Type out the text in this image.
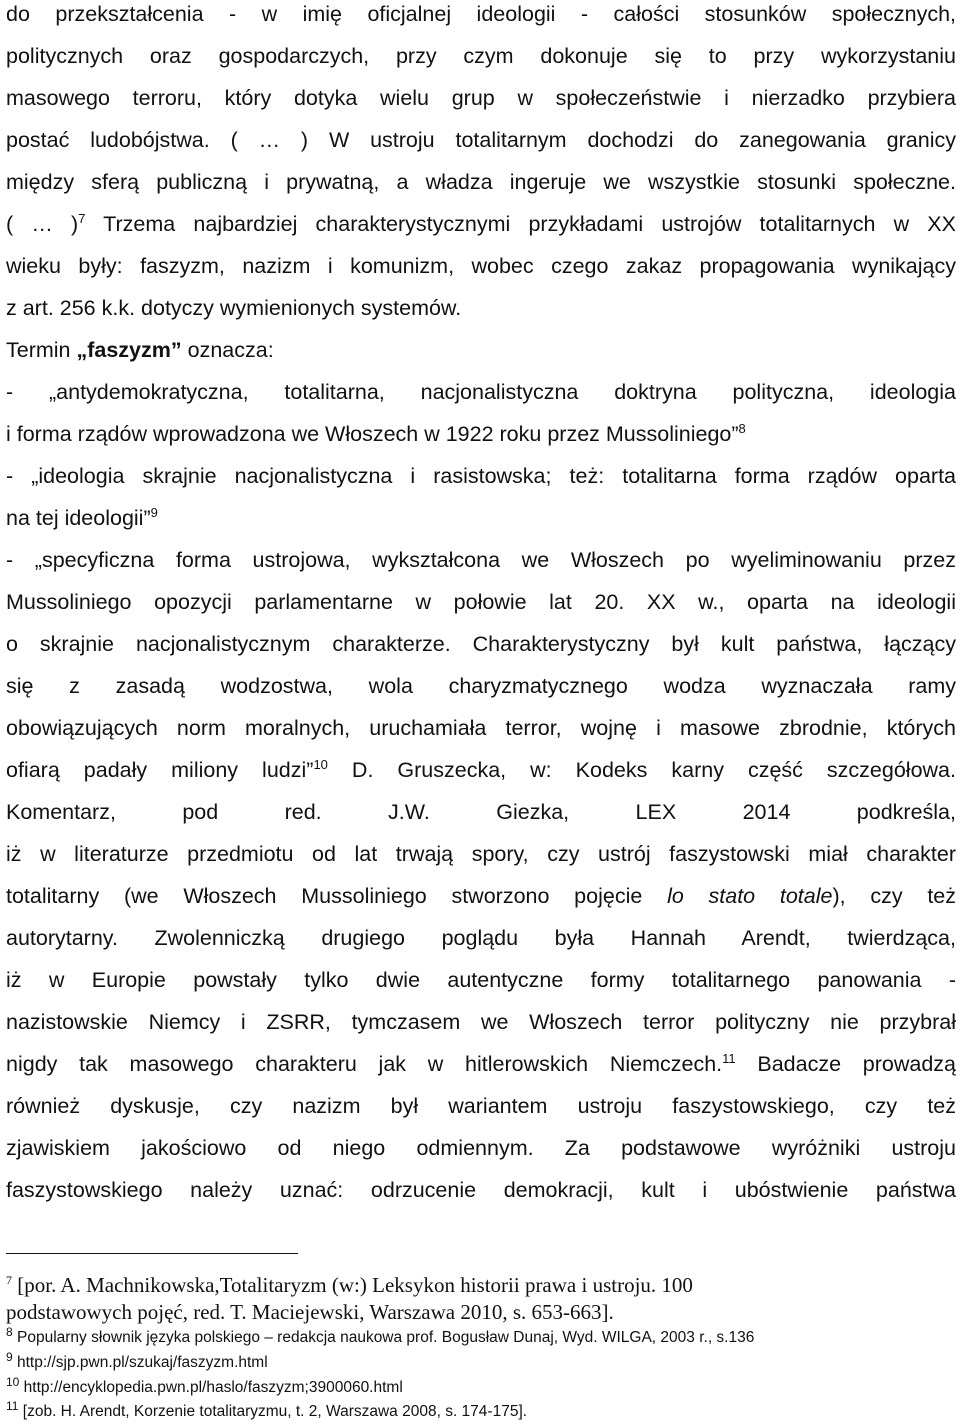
do przekształcenia - w imię oficjalnej ideologii - całości stosunków społecznych,
politycznych oraz gospodarczych, przy czym dokonuje się to przy wykorzystaniu
masowego terroru, który dotyka wielu grup w społeczeństwie i nierzadko przybiera
postać ludobójstwa. ( … ) W ustroju totalitarnym dochodzi do zanegowania granicy
między sferą publiczną i prywatną, a władza ingeruje we wszystkie stosunki społeczne.
( … )$^7$ Trzema najbardziej charakterystycznymi przykładami ustrojów totalitarnych w XX
wieku były: faszyzm, nazizm i komunizm, wobec czego zakaz propagowania wynikający
z art. 256 k.k. dotyczy wymienionych systemów.
Termin „faszyzm” oznacza:
- „antydemokratyczna, totalitarna, nacjonalistyczna doktryna polityczna, ideologia
i forma rządów wprowadzona we Włoszech w 1922 roku przez Mussoliniego”$^8$
- „ideologia skrajnie nacjonalistyczna i rasistowska; też: totalitarna forma rządów oparta
na tej ideologii”$^9$
- „specyficzna forma ustrojowa, wykształcona we Włoszech po wyeliminowaniu przez
Mussoliniego opozycji parlamentarne w połowie lat 20. XX w., oparta na ideologii
o skrajnie nacjonalistycznym charakterze. Charakterystyczny był kult państwa, łączący
się z zasadą wodzostwa, wola charyzmatycznego wodza wyznaczała ramy
obowiązujących norm moralnych, uruchamiała terror, wojnę i masowe zbrodnie, których
ofiarą padały miliony ludzi”$^{10}$ D. Gruszecka, w: Kodeks karny część szczegółowa.
Komentarz, pod red. J.W. Giezka, LEX 2014 podkreśla,
iż w literaturze przedmiotu od lat trwają spory, czy ustrój faszystowski miał charakter
totalitarny (we Włoszech Mussoliniego stworzono pojęcie lo stato totale), czy też
autorytarny. Zwolenniczką drugiego poglądu była Hannah Arendt, twierdząca,
iż w Europie powstały tylko dwie autentyczne formy totalitarnego panowania -
nazistowskie Niemcy i ZSRR, tymczasem we Włoszech terror polityczny nie przybrał
nigdy tak masowego charakteru jak w hitlerowskich Niemczech.$^{11}$ Badacze prowadzą
również dyskusje, czy nazizm był wariantem ustroju faszystowskiego, czy też
zjawiskiem jakościowo od niego odmiennym. Za podstawowe wyróżniki ustroju
faszystowskiego należy uznać: odrzucenie demokracji, kult i ubóstwienie państwa
$^7$ [por. A. Machnikowska,Totalitaryzm (w:) Leksykon historii prawa i ustroju. 100
podstawowych pojęć, red. T. Maciejewski, Warszawa 2010, s. 653-663].
$^8$ Popularny słownik języka polskiego – redakcja naukowa prof. Bogusław Dunaj, Wyd. WILGA, 2003 r., s.136
$^9$ http://sjp.pwn.pl/szukaj/faszyzm.html
$^{10}$ http://encyklopedia.pwn.pl/haslo/faszyzm;3900060.html
$^{11}$ [zob. H. Arendt, Korzenie totalitaryzmu, t. 2, Warszawa 2008, s. 174-175].
